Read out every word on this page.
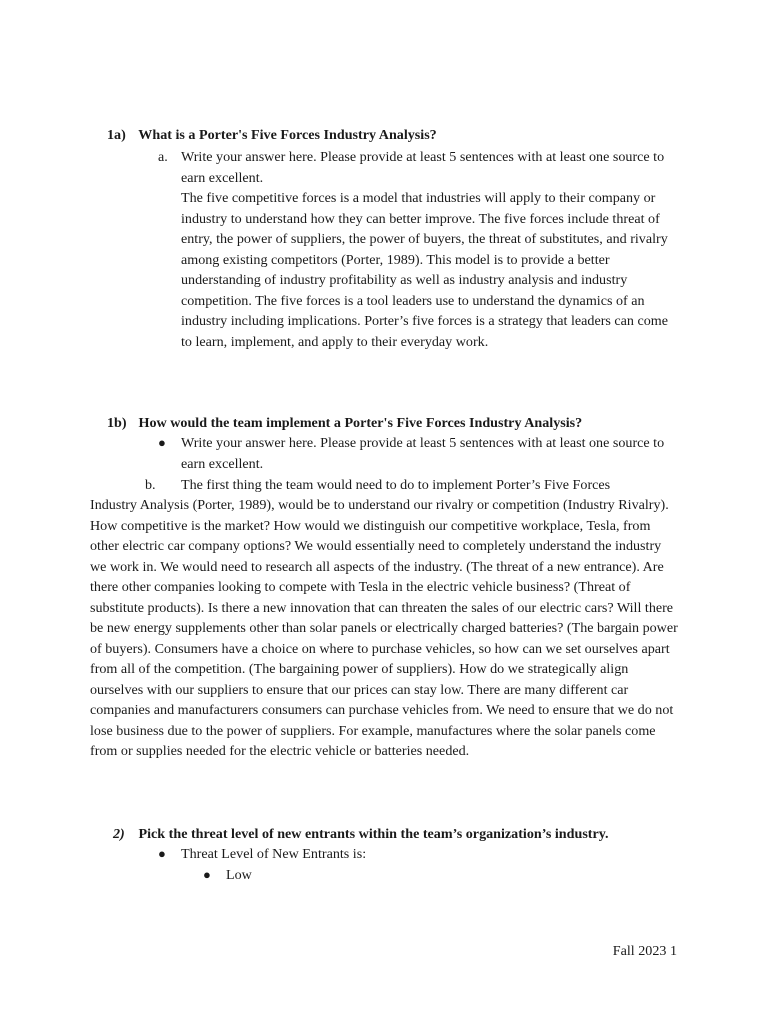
1a) What is a Porter's Five Forces Industry Analysis?
a. Write your answer here. Please provide at least 5 sentences with at least one source to earn excellent.
The five competitive forces is a model that industries will apply to their company or industry to understand how they can better improve. The five forces include threat of entry, the power of suppliers, the power of buyers, the threat of substitutes, and rivalry among existing competitors (Porter, 1989). This model is to provide a better understanding of industry profitability as well as industry analysis and industry competition. The five forces is a tool leaders use to understand the dynamics of an industry including implications. Porter’s five forces is a strategy that leaders can come to learn, implement, and apply to their everyday work.
1b) How would the team implement a Porter's Five Forces Industry Analysis?
● Write your answer here. Please provide at least 5 sentences with at least one source to earn excellent.
b. The first thing the team would need to do to implement Porter’s Five Forces
Industry Analysis (Porter, 1989), would be to understand our rivalry or competition (Industry Rivalry). How competitive is the market? How would we distinguish our competitive workplace, Tesla, from other electric car company options? We would essentially need to completely understand the industry we work in. We would need to research all aspects of the industry. (The threat of a new entrance). Are there other companies looking to compete with Tesla in the electric vehicle business? (Threat of substitute products). Is there a new innovation that can threaten the sales of our electric cars? Will there be new energy supplements other than solar panels or electrically charged batteries? (The bargain power of buyers). Consumers have a choice on where to purchase vehicles, so how can we set ourselves apart from all of the competition. (The bargaining power of suppliers). How do we strategically align ourselves with our suppliers to ensure that our prices can stay low. There are many different car companies and manufacturers consumers can purchase vehicles from. We need to ensure that we do not lose business due to the power of suppliers. For example, manufactures where the solar panels come from or supplies needed for the electric vehicle or batteries needed.
2) Pick the threat level of new entrants within the team’s organization’s industry.
● Threat Level of New Entrants is:
● Low
Fall 2023 1
